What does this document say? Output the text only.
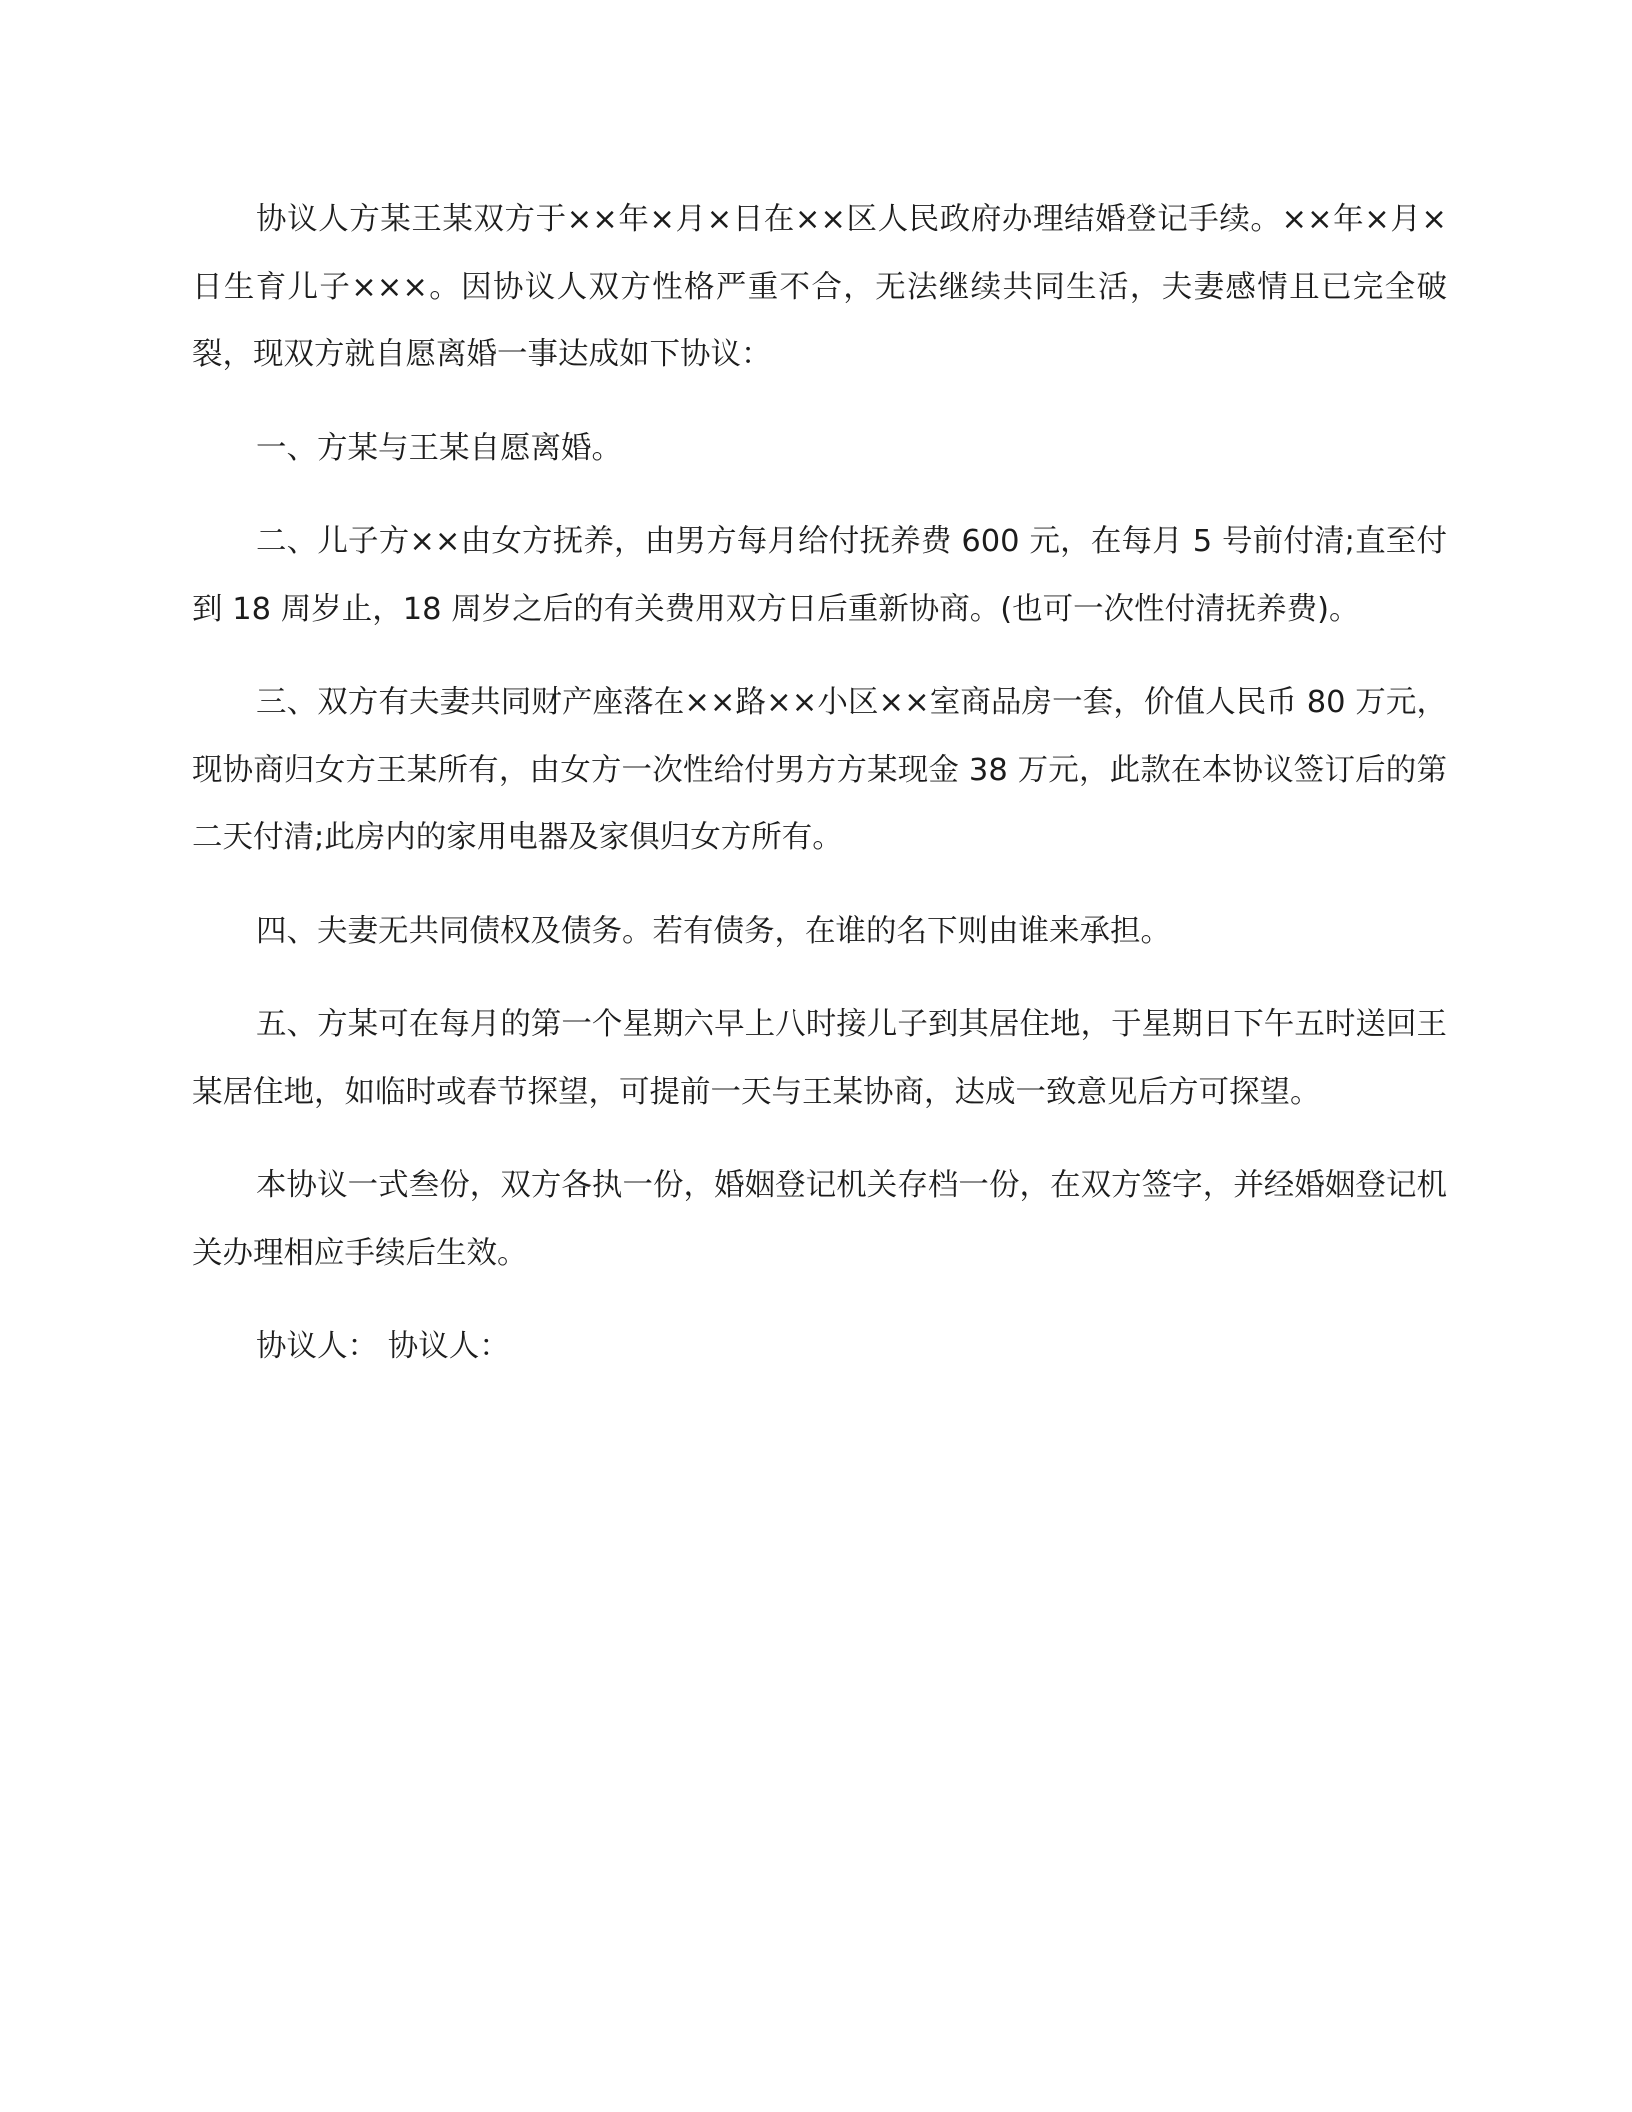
协议人方某王某双方于××年×月×日在××区人民政府办理结婚登记手续。××年×月×日生育儿子×××。因协议人双方性格严重不合，无法继续共同生活，夫妻感情且已完全破裂，现双方就自愿离婚一事达成如下协议：

一、方某与王某自愿离婚。

二、儿子方××由女方抚养，由男方每月给付抚养费 600 元，在每月 5 号前付清;直至付到 18 周岁止，18 周岁之后的有关费用双方日后重新协商。(也可一次性付清抚养费)。

三、双方有夫妻共同财产座落在××路××小区××室商品房一套，价值人民币 80 万元，现协商归女方王某所有，由女方一次性给付男方方某现金 38 万元，此款在本协议签订后的第二天付清;此房内的家用电器及家俱归女方所有。

四、夫妻无共同债权及债务。若有债务，在谁的名下则由谁来承担。

五、方某可在每月的第一个星期六早上八时接儿子到其居住地，于星期日下午五时送回王某居住地，如临时或春节探望，可提前一天与王某协商，达成一致意见后方可探望。

本协议一式叁份，双方各执一份，婚姻登记机关存档一份，在双方签字，并经婚姻登记机关办理相应手续后生效。

协议人： 协议人：
